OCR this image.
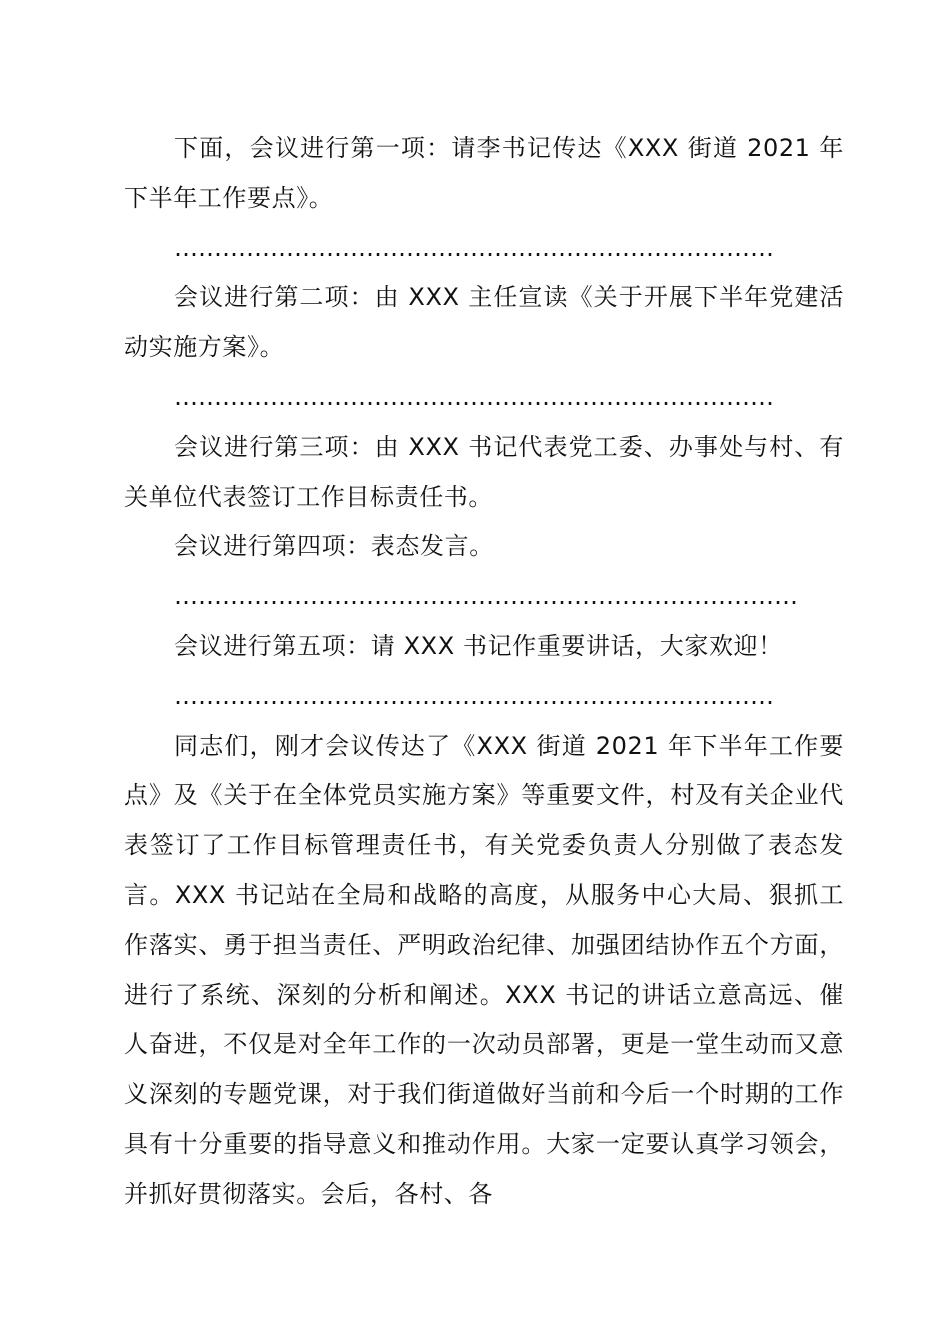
下面，会议进行第一项：请李书记传达《XXX 街道 2021 年下半年工作要点》。

…………………………………………………………………

会议进行第二项：由 XXX 主任宣读《关于开展下半年党建活动实施方案》。

…………………………………………………………………

会议进行第三项：由 XXX 书记代表党工委、办事处与村、有关单位代表签订工作目标责任书。

会议进行第四项：表态发言。

……………………………………………………………………

会议进行第五项：请 XXX 书记作重要讲话，大家欢迎！

…………………………………………………………………

同志们，刚才会议传达了《XXX 街道 2021 年下半年工作要点》及《关于在全体党员实施方案》等重要文件，村及有关企业代表签订了工作目标管理责任书，有关党委负责人分别做了表态发言。XXX 书记站在全局和战略的高度，从服务中心大局、狠抓工作落实、勇于担当责任、严明政治纪律、加强团结协作五个方面，进行了系统、深刻的分析和阐述。XXX 书记的讲话立意高远、催人奋进，不仅是对全年工作的一次动员部署，更是一堂生动而又意义深刻的专题党课，对于我们街道做好当前和今后一个时期的工作具有十分重要的指导意义和推动作用。大家一定要认真学习领会，并抓好贯彻落实。会后，各村、各
